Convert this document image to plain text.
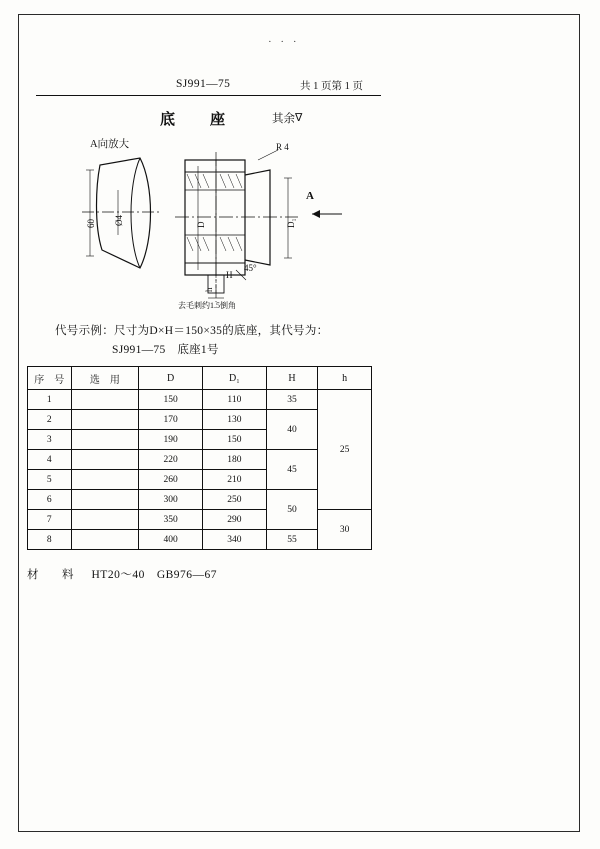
· · ·
SJ991—75	共 1 页第 1 页
底　座	其余∇
A向放大
60 Ø4
R 4
D	D₁
h
H
45°
去毛刺约1.5倒角
A
代号示例：尺寸为D×H＝150×35的底座，其代号为：
SJ991—75　底座1号
序　号	选　用	D	D₁	H	h
1		150	110	35	25
2		170	130	40	
3		190	150		
4		220	180	45	
5		260	210		
6		300	250	50	
7		350	290		30
8		400	340	55	
材　料 HT20～40　GB976—67
